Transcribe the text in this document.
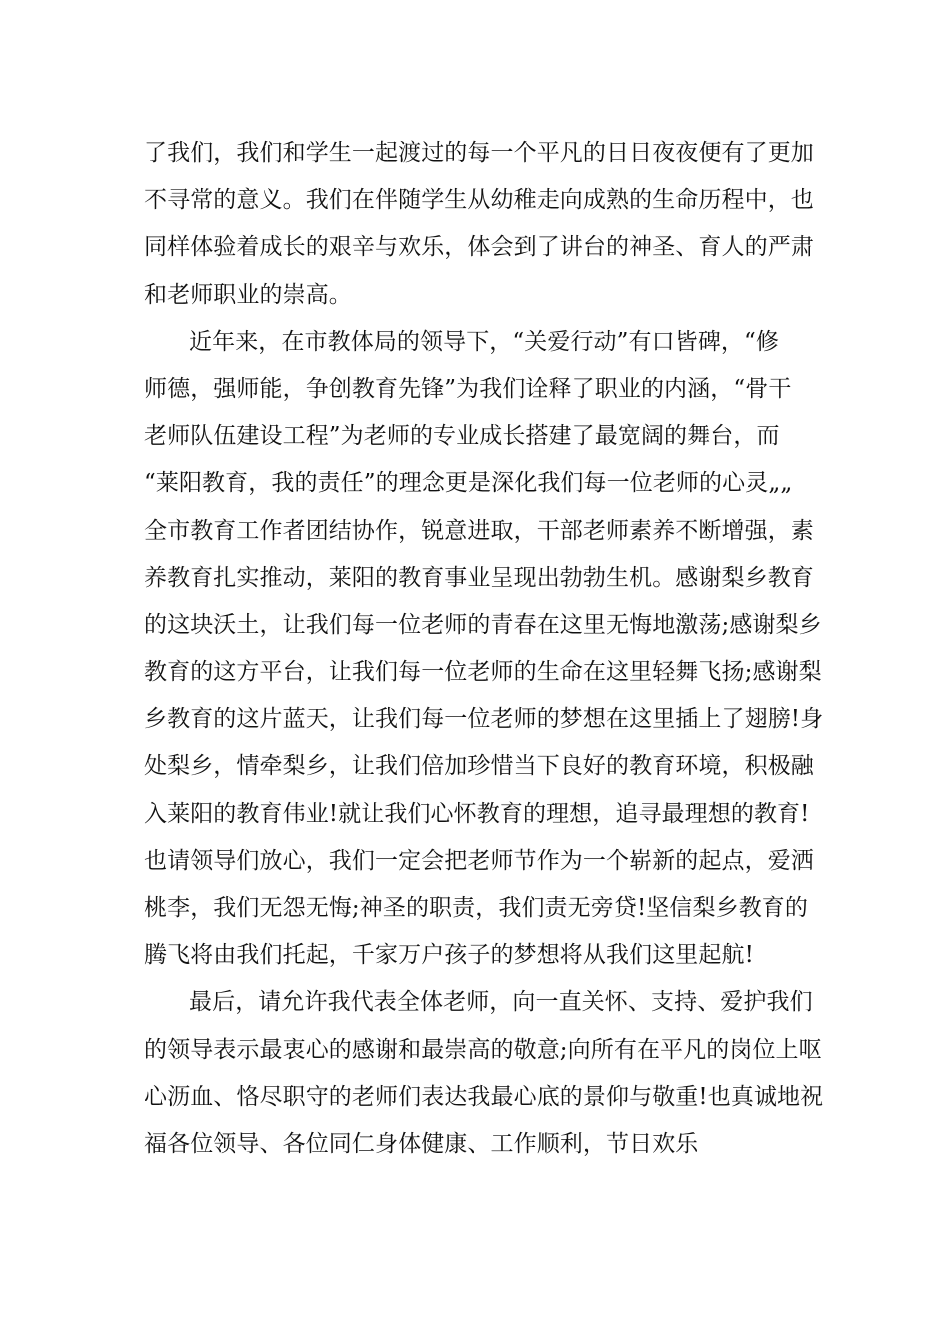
了我们，我们和学生一起渡过的每一个平凡的日日夜夜便有了更加
不寻常的意义。我们在伴随学生从幼稚走向成熟的生命历程中，也
同样体验着成长的艰辛与欢乐，体会到了讲台的神圣、育人的严肃
和老师职业的崇高。
近年来，在市教体局的领导下，“关爱行动”有口皆碑，“修
师德，强师能，争创教育先锋”为我们诠释了职业的内涵，“骨干
老师队伍建设工程”为老师的专业成长搭建了最宽阔的舞台，而
“莱阳教育，我的责任”的理念更是深化我们每一位老师的心灵„„
全市教育工作者团结协作，锐意进取，干部老师素养不断增强，素
养教育扎实推动，莱阳的教育事业呈现出勃勃生机。感谢梨乡教育
的这块沃土，让我们每一位老师的青春在这里无悔地激荡;感谢梨乡
教育的这方平台，让我们每一位老师的生命在这里轻舞飞扬;感谢梨
乡教育的这片蓝天，让我们每一位老师的梦想在这里插上了翅膀!身
处梨乡，情牵梨乡，让我们倍加珍惜当下良好的教育环境，积极融
入莱阳的教育伟业!就让我们心怀教育的理想，追寻最理想的教育!
也请领导们放心，我们一定会把老师节作为一个崭新的起点，爱洒
桃李，我们无怨无悔;神圣的职责，我们责无旁贷!坚信梨乡教育的
腾飞将由我们托起，千家万户孩子的梦想将从我们这里起航!
最后，请允许我代表全体老师，向一直关怀、支持、爱护我们
的领导表示最衷心的感谢和最崇高的敬意;向所有在平凡的岗位上呕
心沥血、恪尽职守的老师们表达我最心底的景仰与敬重!也真诚地祝
福各位领导、各位同仁身体健康、工作顺利，节日欢乐
